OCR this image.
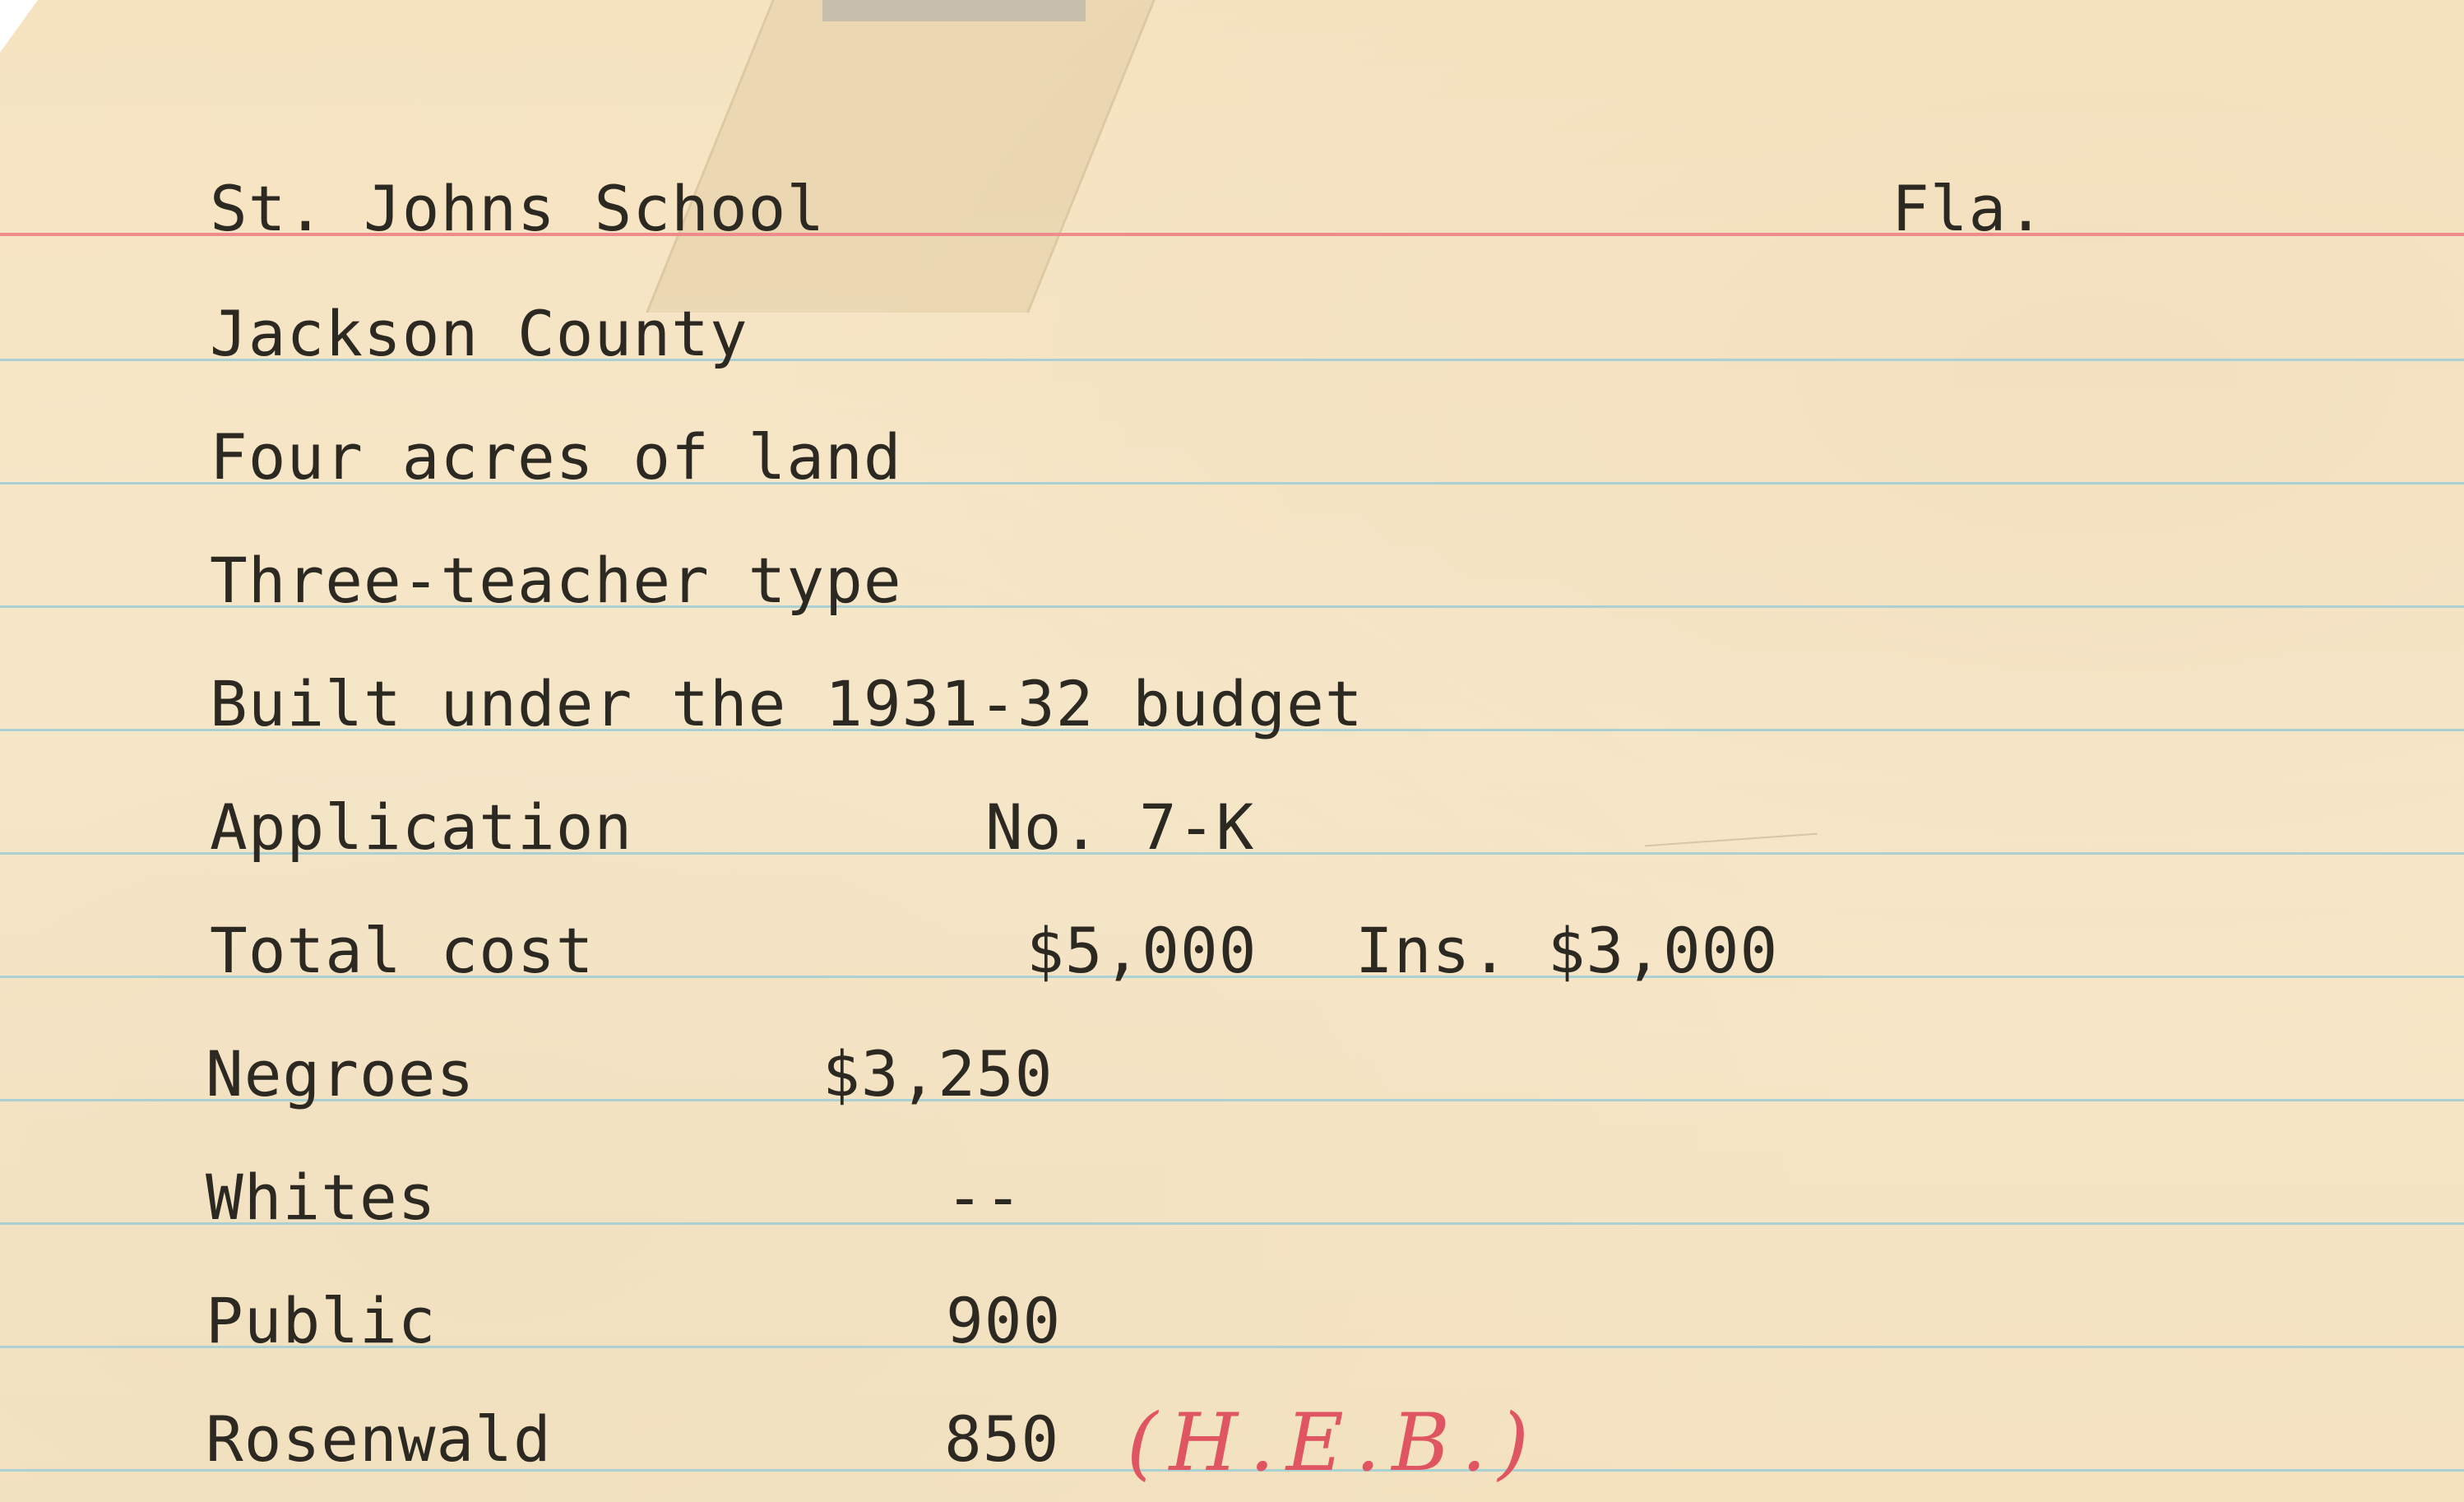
St. Johns School	Fla.
Jackson County
Four acres of land
Three-teacher type
Built under the 1931-32 budget
Application	No. 7-K
Total cost	$5,000 Ins. $3,000
Negroes	$3,250
Whites	--
Public	900
Rosenwald	850 (H.E.B.)
